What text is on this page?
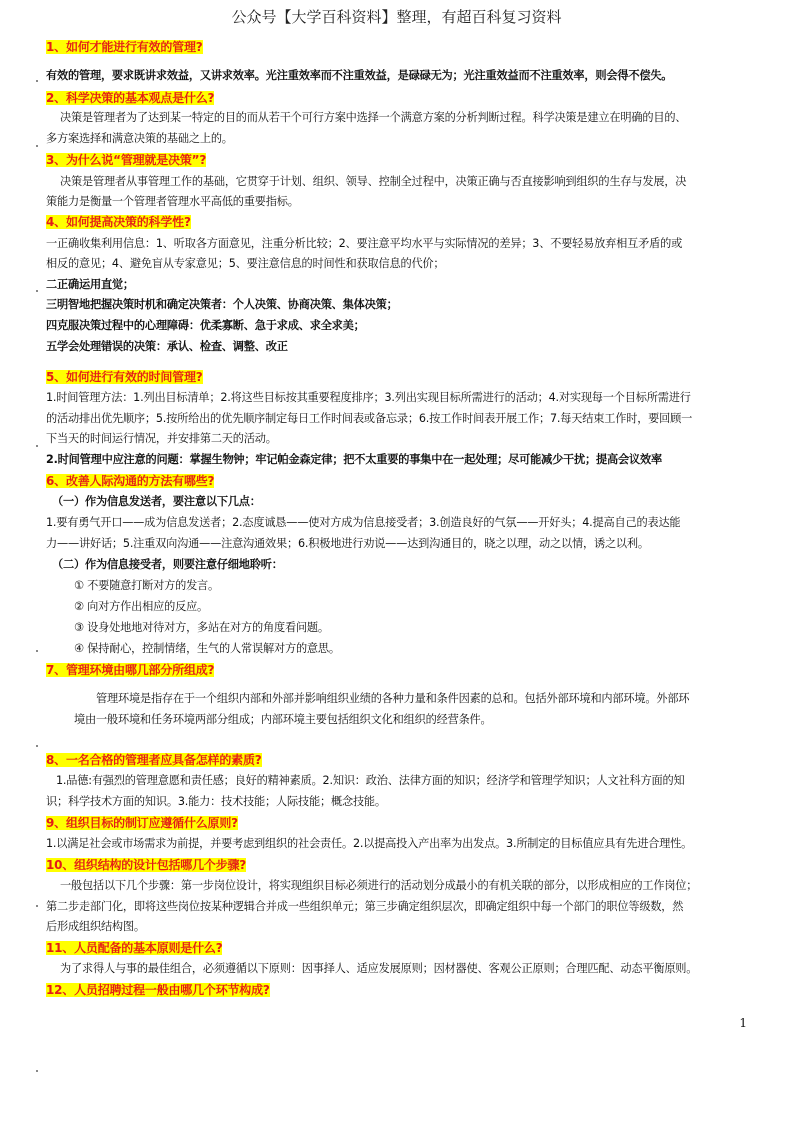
公众号【大学百科资料】整理，有超百科复习资料
1、如何才能进行有效的管理?
有效的管理，要求既讲求效益，又讲求效率。光注重效率而不注重效益，是碌碌无为；光注重效益而不注重效率，则会得不偿失。
2、科学决策的基本观点是什么?
决策是管理者为了达到某一特定的目的而从若干个可行方案中选择一个满意方案的分析判断过程。科学决策是建立在明确的目的、
多方案选择和满意决策的基础之上的。
3、为什么说“管理就是决策”?
决策是管理者从事管理工作的基础，它贯穿于计划、组织、领导、控制全过程中，决策正确与否直接影响到组织的生存与发展，决
策能力是衡量一个管理者管理水平高低的重要指标。
4、如何提高决策的科学性?
一正确收集利用信息：1、听取各方面意见，注重分析比较；2、要注意平均水平与实际情况的差异；3、不要轻易放弃相互矛盾的或
相反的意见；4、避免盲从专家意见；5、要注意信息的时间性和获取信息的代价；
二正确运用直觉；
三明智地把握决策时机和确定决策者：个人决策、协商决策、集体决策；
四克服决策过程中的心理障碍：优柔寡断、急于求成、求全求美；
五学会处理错误的决策：承认、检查、调整、改正
5、如何进行有效的时间管理?
1.时间管理方法：1.列出目标清单；2.将这些目标按其重要程度排序；3.列出实现目标所需进行的活动；4.对实现每一个目标所需进行
的活动排出优先顺序；5.按所给出的优先顺序制定每日工作时间表或备忘录；6.按工作时间表开展工作；7.每天结束工作时，要回顾一
下当天的时间运行情况，并安排第二天的活动。
2.时间管理中应注意的问题：掌握生物钟；牢记帕金森定律；把不太重要的事集中在一起处理；尽可能减少干扰；提高会议效率
6、改善人际沟通的方法有哪些?
（一）作为信息发送者，要注意以下几点：
1.要有勇气开口——成为信息发送者；2.态度诚恳——使对方成为信息接受者；3.创造良好的气氛——开好头；4.提高自己的表达能
力——讲好话；5.注重双向沟通——注意沟通效果；6.积极地进行劝说——达到沟通目的，晓之以理，动之以情，诱之以利。
（二）作为信息接受者，则要注意仔细地聆听：
① 不要随意打断对方的发言。
② 向对方作出相应的反应。
③ 设身处地地对待对方，多站在对方的角度看问题。
④ 保持耐心，控制情绪，生气的人常误解对方的意思。
7、管理环境由哪几部分所组成?
管理环境是指存在于一个组织内部和外部并影响组织业绩的各种力量和条件因素的总和。包括外部环境和内部环境。外部环
境由一般环境和任务环境两部分组成；内部环境主要包括组织文化和组织的经营条件。
8、一名合格的管理者应具备怎样的素质?
1.品德:有强烈的管理意愿和责任感；良好的精神素质。2.知识：政治、法律方面的知识；经济学和管理学知识；人文社科方面的知
识；科学技术方面的知识。3.能力：技术技能；人际技能；概念技能。
9、组织目标的制订应遵循什么原则?
1.以满足社会或市场需求为前提，并要考虑到组织的社会责任。2.以提高投入产出率为出发点。3.所制定的目标值应具有先进合理性。
10、组织结构的设计包括哪几个步骤?
一般包括以下几个步骤：第一步岗位设计，将实现组织目标必须进行的活动划分成最小的有机关联的部分，以形成相应的工作岗位；
第二步走部门化，即将这些岗位按某种逻辑合并成一些组织单元；第三步确定组织层次，即确定组织中每一个部门的职位等级数，然
后形成组织结构图。
11、人员配备的基本原则是什么?
为了求得人与事的最佳组合，必须遵循以下原则：因事择人、适应发展原则；因材器使、客观公正原则；合理匹配、动态平衡原则。
12、人员招聘过程一般由哪几个环节构成?
1
